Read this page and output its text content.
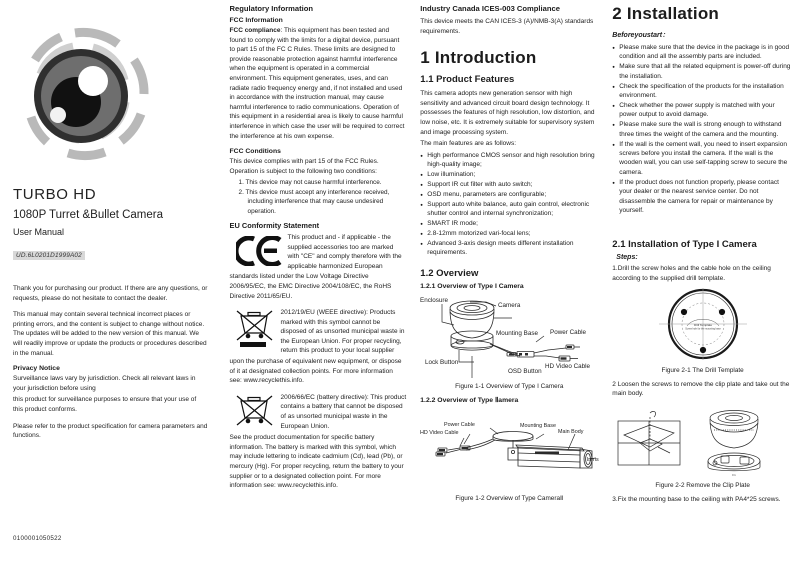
TURBO HD
1080P Turret &Bullet Camera
User Manual
UD.6L0201D1999A02

Thank you for purchasing our product. If there are any questions, or requests, please do not hesitate to contact the dealer.

This manual may contain several technical incorrect places or printing errors, and the content is subject to change without notice. The updates will be added to the new version of this manual. We will readily improve or update the products or procedures described in the manual.

Privacy Notice

Surveillance laws vary by jurisdiction. Check all relevant laws in your jurisdiction before using

this product for surveillance purposes to ensure that your use of this product conforms.

Please refer to the product specification for camera parameters and functions.

0100001050522
Regulatory Information
FCC Information

FCC compliance: This equipment has been tested and found to comply with the limits for a digital device, pursuant to part 15 of the FC C Rules. These limits are designed to provide reasonable protection against harmful interference when the equipment is operated in a commercial environment. This equipment generates, uses, and can radiate radio frequency energy and, if not installed and used in accordance with the instruction manual, may cause harmful interference to radio communications. Operation of this equipment in a residential area is likely to cause harmful interference in which case the user will be required to correct the interference at his own expense.

FCC Conditions

This device complies with part 15 of the FCC Rules. Operation is subject to the following two conditions:

1. This device may not cause harmful interference.
2. This device must accept any interference received, including interference that may cause undesired operation.
EU Conformity Statement
This product and - if applicable - the supplied accessories too are marked with "CE" and comply therefore with the applicable harmonized European

standards listed under the Low Voltage Directive 2006/95/EC, the EMC Directive 2004/108/EC, the RoHS Directive 2011/65/EU.

2012/19/EU (WEEE directive): Products marked with this symbol cannot be disposed of as unsorted municipal waste in the European Union. For proper recycling, return this product to your local supplier

upon the purchase of equivalent new equipment, or dispose of it at designated collection points. For more information see: www.recyclethis.info.

2006/66/EC (battery directive): This product contains a battery that cannot be disposed of as unsorted municipal waste in the European Union.

See the product documentation for specific battery information. The battery is marked with this symbol, which may include lettering to indicate cadmium (Cd), lead (Pb), or mercury (Hg). For proper recycling, return the battery to your supplier or to a designated collection point. For more information see: www.recyclethis.info.

Industry Canada ICES-003 Compliance

This device meets the CAN ICES-3 (A)/NMB-3(A) standards requirements.

1 Introduction
1.1 Product Features

This camera adopts new generation sensor with high sensitivity and advanced circuit board design technology. It possesses the features of high resolution, low distortion, and low noise, etc. It is extremely suitable for supervisory system and image processing system.

The main features are as follows:

● High performance CMOS sensor and high resolution bring high-quality image;
● Low illumination;
● Support IR cut filter with auto switch;
● OSD menu, parameters are configurable;
● Support auto white balance, auto gain control, electronic shutter control and internal synchronization;
● SMART IR mode;
● 2.8-12mm motorized vari-focal lens;
● Advanced 3-axis design meets different installation requirements.
1.2 Overview
1.2.1 Overview of Type I Camera
Enclosure
Camera
Mounting Base Power Cable
Lock Button
OSD Button
HD Video Cable
Figure 1-1 Overview of Type I Camera
1.2.2 Overview of Type Ⅱamera
Power Cable
HD Video Cable
Mounting Base
Main Body
Lens
Figure 1-2 Overview of Type CameraⅡ
2 Installation
Beforeyoustart：
● Please make sure that the device in the package is in good condition and all the assembly parts are included.
● Make sure that all the related equipment is power-off during the installation.
● Check the specification of the products for the installation environment.
● Check whether the power supply is matched with your power output to avoid damage.
● Please make sure the wall is strong enough to withstand three times the weight of the camera and the mounting.
● If the wall is the cement wall, you need to insert expansion screws before you install the camera. If the wall is the wooden wall, you can use self-tapping screw to secure the camera.
● If the product does not function properly, please contact your dealer or the nearest service center. Do not disassemble the camera for repair or maintenance by yourself.
2.1 Installation of Type I Camera
Steps:

1.Drill the screw holes and the cable hole on the ceiling according to the supplied drill template.

Drill Template
Screw hole for the mounting base
Figure 2-1 The Drill Template

2 Loosen the screws to remove the clip plate and take out the main body.

F1
Figure 2-2 Remove the Clip Plate

3.Fix the mounting base to the ceiling with PA4*25 screws.
